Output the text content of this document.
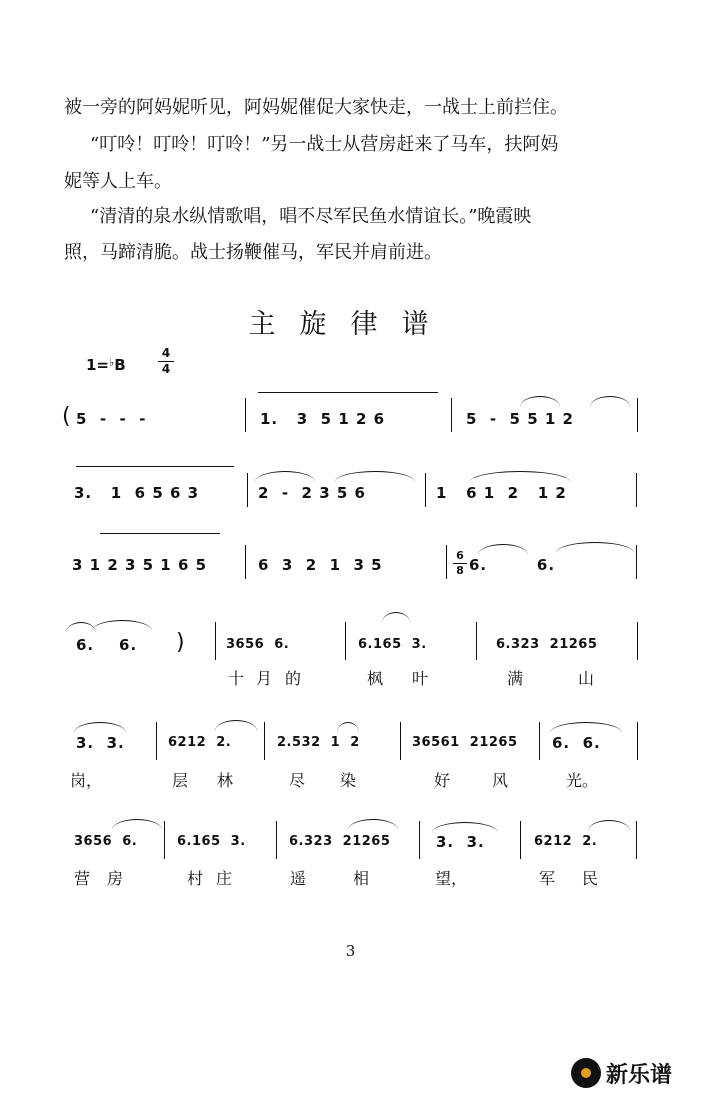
被一旁的阿妈妮听见，阿妈妮催促大家快走，一战士上前拦住。
“叮呤！叮呤！叮呤！”另一战士从营房赶来了马车，扶阿妈
妮等人上车。
“清清的泉水纵情歌唱，唱不尽军民鱼水情谊长。”晚霞映
照，马蹄清脆。战士扬鞭催马，军民并肩前进。
主旋律谱
1=♭B
4
4
( 5  -  -  -	1.   3  5 1 2 6	5  -  5 5 1 2
3.   1  6 5 6 3	2  -  2 3 5 6	1   6 1  2   1 2
3 1 2 3 5 1 6 5	6  3  2  1  3 5
6
8 6.        6.
6.    6. )	3656  6.	6.165  3.	6.323  21265
十 月 的	枫 叶	满	山
3.  3.	6212  2.	2.532  1  2	36561  21265 6.  6.
岗，	层 林	尽 染	好	风	光。
3656  6.	6.165  3.	6.323  21265	3.  3.	6212  2.
营 房	村 庄	遥	相	望，	军 民
3
新乐谱
